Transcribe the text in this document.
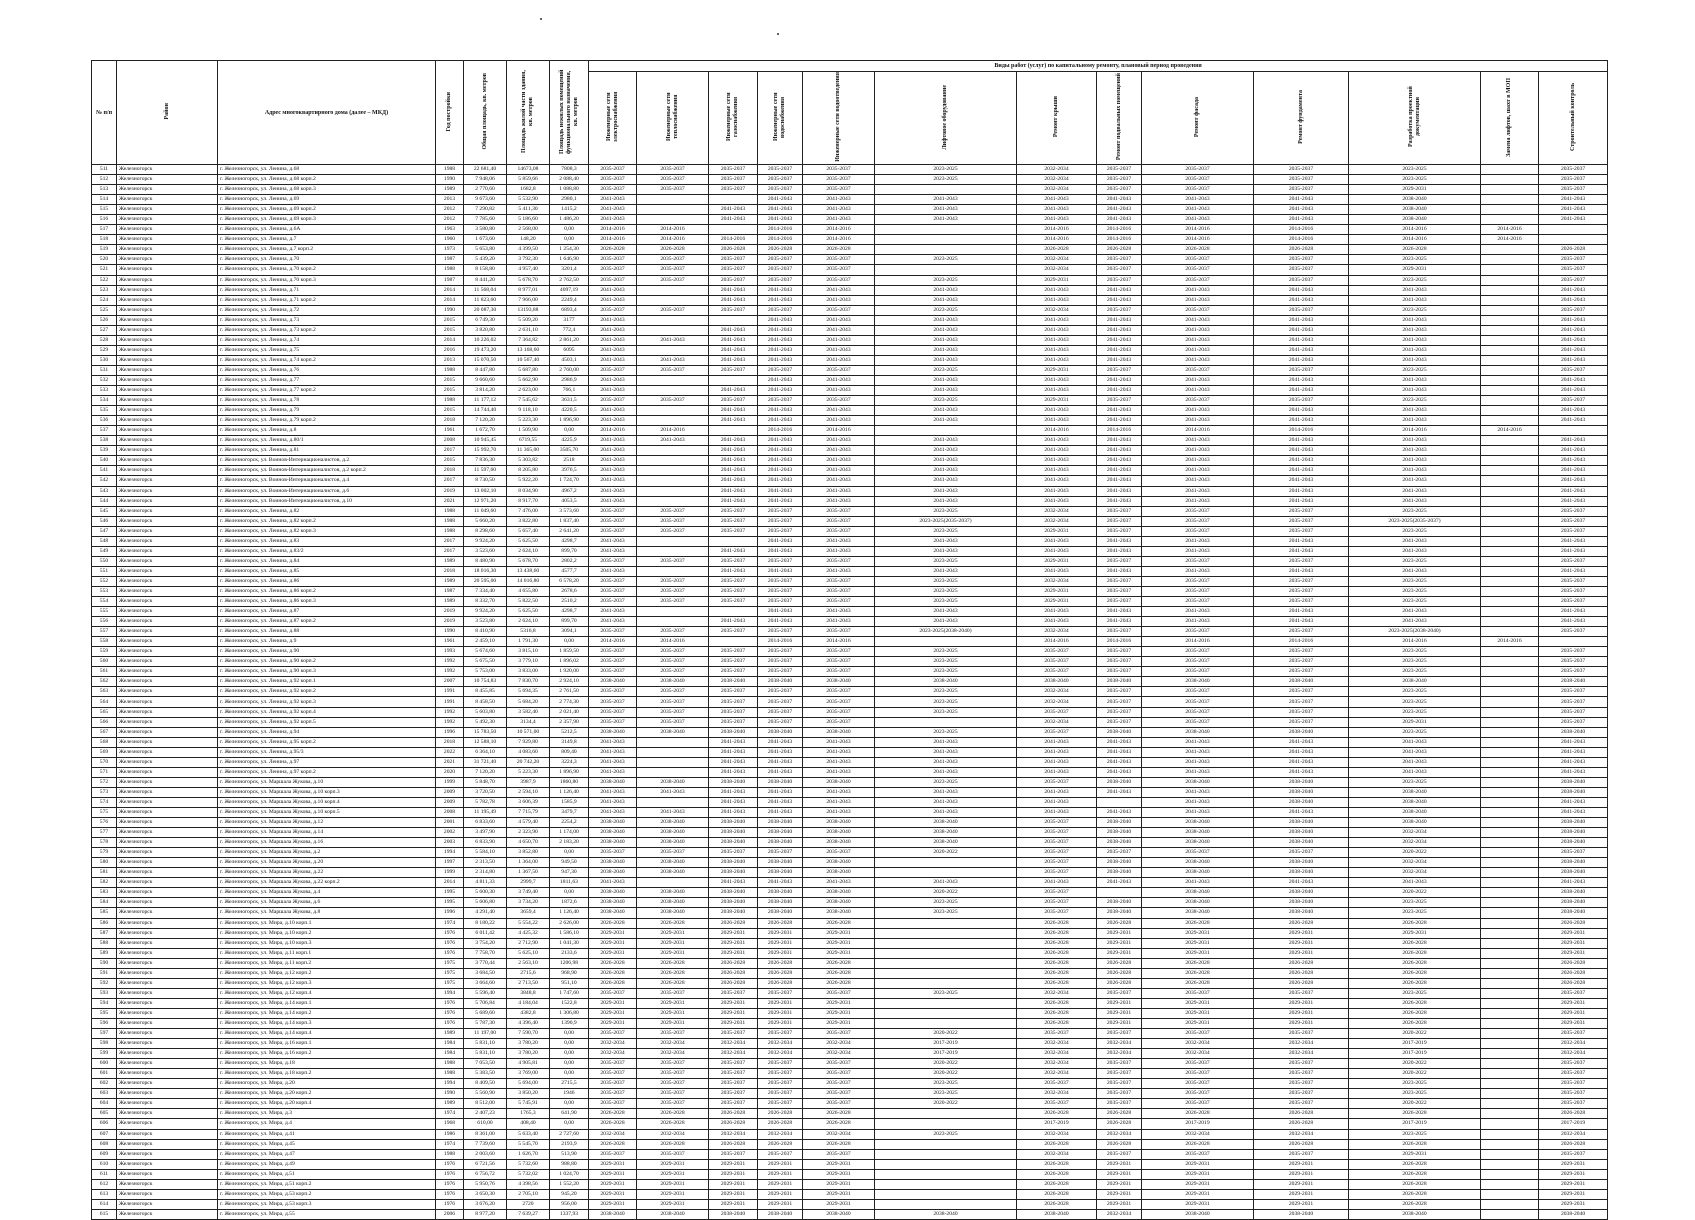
№ п/п	Район	Адрес многоквартирного дома (далее – МКД)	Год постройки	Общая площадь, кв. метров	Площадь жилой части здания, кв. метров	Площадь нежилых помещений функционального назначения, кв. метров	Виды работ (услуг) по капитальному ремонту, плановый период проведения												
							Инженерные сети электроснабжения	Инженерные сети теплоснабжения	Инженерные сети газоснабжения	Инженерные сети водоснабжения	Инженерные сети водоотведения	Лифтовое оборудование	Ремонт крыши	Ремонт подвальных помещений	Ремонт фасада	Ремонт фундамента	Разработка проектной документации	Замена лифтов, шахт в МОП	Строительный контроль
511	Железногорск	г. Железногорск, ул. Ленина, д.68	1988	22 681,40	14673,08	7808,3	2035-2037	2035-2037	2035-2037	2035-2037	2035-2037	2023-2025	2032-2034	2035-2037	2035-2037	2035-2037	2023-2025		2035-2037
512	Железногорск	г. Железногорск, ул. Ленина, д.68 корп.2	1990	7 948,06	5 859,66	2 088,40	2035-2037	2035-2037	2035-2037	2035-2037	2035-2037	2023-2025	2032-2034	2035-2037	2035-2037	2035-2037	2023-2025		2035-2037
513	Железногорск	г. Железногорск, ул. Ленина, д.68 корп.3	1989	2 770,60	1682,8	1 088,80	2035-2037	2035-2037	2035-2037	2035-2037	2035-2037		2032-2034	2035-2037	2035-2037	2035-2037	2029-2031		2035-2037
514	Железногорск	г. Железногорск, ул. Ленина, д.69	2013	9 673,60	5 532,90	2980,1	2041-2043			2041-2043	2041-2043	2041-2043	2041-2043	2041-2043	2041-2043	2041-2043	2038-2040		2041-2043
515	Железногорск	г. Железногорск, ул. Ленина, д.69 корп.2	2012	7 290,82	5 411,30	1415,2	2041-2043		2041-2043	2041-2043	2041-2043	2041-2043	2041-2043	2041-2043	2041-2043	2041-2043	2038-2040		2041-2043
516	Железногорск	г. Железногорск, ул. Ленина, д.69 корп.3	2012	7 785,60	5 186,60	1 486,20	2041-2043		2041-2043	2041-2043	2041-2043	2041-2043	2041-2043	2041-2043	2041-2043	2041-2043	2038-2040		2041-2043
517	Железногорск	г. Железногорск, ул. Ленина, д.6А	1963	3 580,80	2 568,00	0,00	2014-2016	2014-2016		2014-2016	2014-2016		2014-2016	2014-2016	2014-2016	2014-2016	2014-2016	2014-2016	
518	Железногорск	г. Железногорск, ул. Ленина, д.7	1960	1 673,60	148,20	0,00	2014-2016	2014-2016	2014-2016	2014-2016	2014-2016		2014-2016	2014-2016	2014-2016	2014-2016	2014-2016	2014-2016	
519	Железногорск	г. Железногорск, ул. Ленина, д.7 корп.2	1973	5 653,80	4 399,50	1 254,30	2026-2028	2026-2028	2026-2028	2026-2028	2026-2028		2026-2028	2026-2028	2026-2028	2026-2028	2026-2028		2026-2028
520	Железногорск	г. Железногорск, ул. Ленина, д.70	1987	5 439,20	3 792,30	1 646,90	2035-2037	2035-2037	2035-2037	2035-2037	2035-2037	2023-2025	2032-2034	2035-2037	2035-2037	2035-2037	2023-2025		2035-2037
521	Железногорск	г. Железногорск, ул. Ленина, д.70 корп.2	1988	8 158,80	4 957,40	3201,4	2035-2037	2035-2037	2035-2037	2035-2037	2035-2037		2032-2034	2035-2037	2035-2037	2035-2037	2029-2031		2035-2037
522	Железногорск	г. Железногорск, ул. Ленина, д.70 корп.3	1987	8 441,20	5 678,70	2 762,50	2035-2037	2035-2037	2035-2037	2035-2037	2035-2037	2023-2025	2029-2031	2035-2037	2035-2037	2035-2037	2023-2025		2035-2037
523	Железногорск	г. Железногорск, ул. Ленина, д.71	2014	11 568,04	8 977,01	4097,19	2041-2043		2041-2043	2041-2043	2041-2043	2041-2043	2041-2043	2041-2043	2041-2043	2041-2043	2041-2043		2041-2043
524	Железногорск	г. Железногорск, ул. Ленина, д.71 корп.2	2014	11 823,60	7 966,00	2249,4	2041-2043		2041-2043	2041-2043	2041-2043	2041-2043	2041-2043	2041-2043	2041-2043	2041-2043	2041-2043		2041-2043
525	Железногорск	г. Железногорск, ул. Ленина, д.72	1990	20 087,30	13193,88	6893,4	2035-2037	2035-2037	2035-2037	2035-2037	2035-2037	2023-2025	2032-2034	2035-2037	2035-2037	2035-2037	2023-2025		2035-2037
526	Железногорск	г. Железногорск, ул. Ленина, д.73	2015	6 749,30	5 509,20	3177	2041-2043			2041-2043	2041-2043	2041-2043	2041-2043	2041-2043	2041-2043	2041-2043	2041-2043		2041-2043
527	Железногорск	г. Железногорск, ул. Ленина, д.73 корп.2	2015	3 820,80	2 631,10	772,4	2041-2043		2041-2043	2041-2043	2041-2043	2041-2043	2041-2043	2041-2043	2041-2043	2041-2043	2041-2043		2041-2043
528	Железногорск	г. Железногорск, ул. Ленина, д.74	2014	10 226,02	7 364,82	2 861,20	2041-2043	2041-2043	2041-2043	2041-2043	2041-2043	2041-2043	2041-2043	2041-2043	2041-2043	2041-2043	2041-2043		2041-2043
529	Железногорск	г. Железногорск, ул. Ленина, д.75	2016	19 473,20	13 168,60	6095	2041-2043		2041-2043	2041-2043	2041-2043	2041-2043	2041-2043	2041-2043	2041-2043	2041-2043	2041-2043		2041-2043
530	Железногорск	г. Железногорск, ул. Ленина, д.74 корп.2	2013	15 070,50	10 567,40	4503,1	2041-2043	2041-2043	2041-2043	2041-2043	2041-2043	2041-2043	2041-2043	2041-2043	2041-2043	2041-2043	2041-2043		2041-2043
531	Железногорск	г. Железногорск, ул. Ленина, д.76	1988	8 447,80	5 687,80	2 760,00	2035-2037	2035-2037	2035-2037	2035-2037	2035-2037	2023-2025	2029-2031	2035-2037	2035-2037	2035-2037	2023-2025		2035-2037
532	Железногорск	г. Железногорск, ул. Ленина, д.77	2015	9 660,60	5 662,90	2986,9	2041-2043			2041-2043	2041-2043	2041-2043	2041-2043	2041-2043	2041-2043	2041-2043	2041-2043		2041-2043
533	Железногорск	г. Железногорск, ул. Ленина, д.77 корп.2	2015	3 814,20	2 623,00	766,1	2041-2043		2041-2043	2041-2043	2041-2043	2041-2043	2041-2043	2041-2043	2041-2043	2041-2043	2041-2043		2041-2043
534	Железногорск	г. Железногорск, ул. Ленина, д.78	1988	11 177,12	7 545,62	3631,5	2035-2037	2035-2037	2035-2037	2035-2037	2035-2037	2023-2025	2029-2031	2035-2037	2035-2037	2035-2037	2023-2025		2035-2037
535	Железногорск	г. Железногорск, ул. Ленина, д.79	2015	14 744,40	9 118,10	4220,5	2041-2043		2041-2043	2041-2043	2041-2043	2041-2043	2041-2043	2041-2043	2041-2043	2041-2043	2041-2043		2041-2043
536	Железногорск	г. Железногорск, ул. Ленина, д.79 корп.2	2018	7 120,20	5 223,30	1 896,90	2041-2043		2041-2043	2041-2043	2041-2043	2041-2043	2041-2043	2041-2043	2041-2043	2041-2043	2041-2043		2041-2043
537	Железногорск	г. Железногорск, ул. Ленина, д.8	1961	1 672,70	1 509,90	0,00	2014-2016	2014-2016		2014-2016	2014-2016		2014-2016	2014-2016	2014-2016	2014-2016	2014-2016	2014-2016	
538	Железногорск	г. Железногорск, ул. Ленина, д.80/1	2008	10 945,45	6719,55	4225,9	2041-2043	2041-2043	2041-2043	2041-2043	2041-2043	2041-2043	2041-2043	2041-2043	2041-2043	2041-2043	2041-2043		2041-2043
539	Железногорск	г. Железногорск, ул. Ленина, д.81	2017	15 992,70	11 365,00	3505,70	2041-2043		2041-2043	2041-2043	2041-2043	2041-2043	2041-2043	2041-2043	2041-2043	2041-2043	2041-2043		2041-2043
540	Железногорск	г. Железногорск, ул. Воинов-Интернационалистов, д.2	2015	7 836,30	5 303,82	2518	2041-2043		2041-2043	2041-2043	2041-2043	2041-2043	2041-2043	2041-2043	2041-2043	2041-2043	2041-2043		2041-2043
541	Железногорск	г. Железногорск, ул. Воинов-Интернационалистов, д.2 корп.2	2018	11 597,60	8 205,80	3976,5	2041-2043		2041-2043	2041-2043	2041-2043	2041-2043	2041-2043	2041-2043	2041-2043	2041-2043	2041-2043		2041-2043
542	Железногорск	г. Железногорск, ул. Воинов-Интернационалистов, д.4	2017	8 730,50	5 922,20	1 724,70	2041-2043		2041-2043	2041-2043	2041-2043	2041-2043	2041-2043	2041-2043	2041-2043	2041-2043	2041-2043		2041-2043
543	Железногорск	г. Железногорск, ул. Воинов-Интернационалистов, д.6	2019	13 002,10	8 034,90	4967,2	2041-2043		2041-2043	2041-2043	2041-2043	2041-2043	2041-2043	2041-2043	2041-2043	2041-2043	2041-2043		2041-2043
544	Железногорск	г. Железногорск, ул. Воинов-Интернационалистов, д.10	2021	12 971,20	8 917,70	4053,5	2041-2043		2041-2043	2041-2043	2041-2043	2041-2043	2041-2043	2041-2043	2041-2043	2041-2043	2041-2043		2041-2043
545	Железногорск	г. Железногорск, ул. Ленина, д.82	1988	11 049,60	7 476,00	3 573,60	2035-2037	2035-2037	2035-2037	2035-2037	2035-2037	2023-2025	2032-2034	2035-2037	2035-2037	2035-2037	2023-2025		2035-2037
546	Железногорск	г. Железногорск, ул. Ленина, д.82 корп.2	1988	5 660,20	3 822,80	1 837,40	2035-2037	2035-2037	2035-2037	2035-2037	2035-2037	2023-2025(2035-2037)	2032-2034	2035-2037	2035-2037	2035-2037	2023-2025(2035-2037)		2035-2037
547	Железногорск	г. Железногорск, ул. Ленина, д.82 корп.3	1988	8 298,60	5 657,40	2 641,20	2035-2037	2035-2037	2035-2037	2035-2037	2035-2037	2023-2025	2029-2031	2035-2037	2035-2037	2035-2037	2023-2025		2035-2037
548	Железногорск	г. Железногорск, ул. Ленина, д.83	2017	9 924,20	5 625,50	4298,7	2041-2043			2041-2043	2041-2043	2041-2043	2041-2043	2041-2043	2041-2043	2041-2043	2041-2043		2041-2043
549	Железногорск	г. Железногорск, ул. Ленина, д.83/2	2017	3 523,60	2 624,10	899,70	2041-2043		2041-2043	2041-2043	2041-2043	2041-2043	2041-2043	2041-2043	2041-2043	2041-2043	2041-2043		2041-2043
550	Железногорск	г. Железногорск, ул. Ленина, д.84	1989	8 480,90	5 678,70	2802,2	2035-2037	2035-2037	2035-2037	2035-2037	2035-2037	2023-2025	2029-2031	2035-2037	2035-2037	2035-2037	2023-2025		2035-2037
551	Железногорск	г. Железногорск, ул. Ленина, д.85	2018	18 016,30	13 438,60	4577,7	2041-2043		2041-2043	2041-2043	2041-2043	2041-2043	2041-2043	2041-2043	2041-2043	2041-2043	2041-2043		2041-2043
552	Железногорск	г. Железногорск, ул. Ленина, д.86	1989	20 595,00	14 016,80	6 578,20	2035-2037	2035-2037	2035-2037	2035-2037	2035-2037	2023-2025	2032-2034	2035-2037	2035-2037	2035-2037	2023-2025		2035-2037
553	Железногорск	г. Железногорск, ул. Ленина, д.86 корп.2	1987	7 334,40	4 655,80	2678,6	2035-2037	2035-2037	2035-2037	2035-2037	2035-2037	2023-2025	2029-2031	2035-2037	2035-2037	2035-2037	2023-2025		2035-2037
554	Железногорск	г. Железногорск, ул. Ленина, д.86 корп.3	1989	8 332,70	5 822,50	2510,2	2035-2037	2035-2037	2035-2037	2035-2037	2035-2037	2023-2025	2029-2031	2035-2037	2035-2037	2035-2037	2023-2025		2035-2037
555	Железногорск	г. Железногорск, ул. Ленина, д.87	2019	9 924,20	5 625,50	4298,7	2041-2043			2041-2043	2041-2043	2041-2043	2041-2043	2041-2043	2041-2043	2041-2043	2041-2043		2041-2043
556	Железногорск	г. Железногорск, ул. Ленина, д.87 корп.2	2019	3 523,80	2 624,10	899,70	2041-2043		2041-2043	2041-2043	2041-2043	2041-2043	2041-2043	2041-2043	2041-2043	2041-2043	2041-2043		2041-2043
557	Железногорск	г. Железногорск, ул. Ленина, д.88	1990	8 410,90	5316,8	3094,1	2035-2037	2035-2037	2035-2037	2035-2037	2035-2037	2023-2025(2038-2040)	2032-2034	2035-2037	2035-2037	2035-2037	2023-2025(2038-2040)		2035-2037
558	Железногорск	г. Железногорск, ул. Ленина, д.9	1961	2 459,10	1 791,30	0,00	2014-2016	2014-2016		2014-2016	2014-2016		2014-2016	2014-2016	2014-2016	2014-2016	2014-2016	2014-2016	
559	Железногорск	г. Железногорск, ул. Ленина, д.90	1993	5 674,60	3 815,10	1 859,50	2035-2037	2035-2037	2035-2037	2035-2037	2035-2037	2023-2025	2035-2037	2035-2037	2035-2037	2035-2037	2023-2025		2035-2037
560	Железногорск	г. Железногорск, ул. Ленина, д.90 корп.2	1992	5 675,50	3 779,10	1 896,02	2035-2037	2035-2037	2035-2037	2035-2037	2035-2037	2023-2025	2035-2037	2035-2037	2035-2037	2035-2037	2023-2025		2035-2037
561	Железногорск	г. Железногорск, ул. Ленина, д.90 корп.3	1992	5 753,00	3 833,00	1 920,00	2035-2037	2035-2037	2035-2037	2035-2037	2035-2037	2023-2025	2035-2037	2035-2037	2035-2037	2035-2037	2023-2025		2035-2037
562	Железногорск	г. Железногорск, ул. Ленина, д.92 корп.1	2007	10 754,83	7 830,70	2 924,10	2038-2040	2038-2040	2038-2040	2038-2040	2038-2040	2038-2040	2038-2040	2038-2040	2038-2040	2038-2040	2038-2040		2038-2040
563	Железногорск	г. Железногорск, ул. Ленина, д.92 корп.2	1991	8 455,85	5 694,35	2 761,50	2035-2037	2035-2037	2035-2037	2035-2037	2035-2037	2023-2025	2032-2034	2035-2037	2035-2037	2035-2037	2023-2025		2035-2037
564	Железногорск	г. Железногорск, ул. Ленина, д.92 корп.3	1991	8 458,50	5 684,20	2 774,30	2035-2037	2035-2037	2035-2037	2035-2037	2035-2037	2023-2025	2032-2034	2035-2037	2035-2037	2035-2037	2023-2025		2035-2037
565	Железногорск	г. Железногорск, ул. Ленина, д.92 корп.4	1992	5 603,80	3 582,40	2 021,40	2035-2037	2035-2037	2035-2037	2035-2037	2035-2037	2023-2025	2035-2037	2035-2037	2035-2037	2035-2037	2023-2025		2035-2037
566	Железногорск	г. Железногорск, ул. Ленина, д.92 корп.5	1992	5 492,30	3134,4	2 357,90	2035-2037	2035-2037	2035-2037	2035-2037	2035-2037		2032-2034	2035-2037	2035-2037	2035-2037	2029-2031		2035-2037
567	Железногорск	г. Железногорск, ул. Ленина, д.94	1996	15 783,50	10 571,00	5212,5	2038-2040	2038-2040	2038-2040	2038-2040	2038-2040	2023-2025	2035-2037	2038-2040	2038-2040	2038-2040	2023-2025		2038-2040
568	Железногорск	г. Железногорск, ул. Ленина, д.95 корп.2	2018	12 588,10	7 929,80	3149,8	2041-2043		2041-2043	2041-2043	2041-2043	2041-2043	2041-2043	2041-2043	2041-2043	2041-2043	2041-2043		2041-2043
569	Железногорск	г. Железногорск, ул. Ленина, д.95/3	2022	6 364,10	4 083,60	809,40	2041-2043		2041-2043	2041-2043	2041-2043	2041-2043	2041-2043	2041-2043	2041-2043	2041-2043	2041-2043		2041-2043
570	Железногорск	г. Железногорск, ул. Ленина, д.97	2021	31 721,40	20 742,20	3224,3	2041-2043		2041-2043	2041-2043	2041-2043	2041-2043	2041-2043	2041-2043	2041-2043	2041-2043	2041-2043		2041-2043
571	Железногорск	г. Железногорск, ул. Ленина, д.97 корп.2	2020	7 120,20	5 223,30	1 896,90	2041-2043		2041-2043	2041-2043	2041-2043	2041-2043	2041-2043	2041-2043	2041-2043	2041-2043	2041-2043		2041-2043
572	Железногорск	г. Железногорск, ул. Маршала Жукова, д.10	1999	5 848,70	3987,9	1860,80	2038-2040	2038-2040	2038-2040	2038-2040	2038-2040	2023-2025	2035-2037	2038-2040	2038-2040	2038-2040	2023-2025		2038-2040
573	Железногорск	г. Железногорск, ул. Маршала Жукова, д.10 корп.3	2009	3 720,50	2 594,10	1 126,40	2041-2043	2041-2043	2041-2043	2041-2043	2041-2043	2041-2043	2041-2043	2041-2043	2041-2043	2038-2040	2038-2040		2038-2040
574	Железногорск	г. Железногорск, ул. Маршала Жукова, д.10 корп.4	2009	5 782,78	3 606,39	1585,9	2041-2043		2041-2043	2041-2043	2041-2043	2041-2043	2041-2043		2041-2043	2038-2040	2038-2040		2041-2043
575	Железногорск	г. Железногорск, ул. Маршала Жукова, д.10 корп.5	2008	11 195,49	7 715,79	3479,7	2041-2043	2041-2043	2041-2043	2041-2043	2041-2043	2041-2043	2041-2043	2041-2043	2041-2043	2041-2043	2038-2040		2041-2043
576	Железногорск	г. Железногорск, ул. Маршала Жукова, д.12	2001	6 833,60	4 579,40	2254,2	2038-2040	2038-2040	2038-2040	2038-2040	2038-2040	2038-2040	2035-2037	2038-2040	2038-2040	2038-2040	2038-2040		2038-2040
577	Железногорск	г. Железногорск, ул. Маршала Жукова, д.14	2002	3 497,90	2 323,90	1 174,00	2038-2040	2038-2040	2038-2040	2038-2040	2038-2040	2038-2040	2035-2037	2038-2040	2038-2040	2038-2040	2032-2034		2038-2040
578	Железногорск	г. Железногорск, ул. Маршала Жукова, д.16	2003	6 833,90	4 650,70	2 183,20	2038-2040	2038-2040	2038-2040	2038-2040	2038-2040	2038-2040	2035-2037	2038-2040	2038-2040	2038-2040	2032-2034		2038-2040
579	Железногорск	г. Железногорск, ул. Маршала Жукова, д.2	1994	5 584,10	3 852,80	0,00	2035-2037	2035-2037	2035-2037	2035-2037	2035-2037	2020-2022	2035-2037	2035-2037	2035-2037	2035-2037	2020-2022		2035-2037
580	Железногорск	г. Железногорск, ул. Маршала Жукова, д.20	1997	2 313,50	1 364,00	949,50	2038-2040	2038-2040	2038-2040	2038-2040	2038-2040		2035-2037	2038-2040	2038-2040	2038-2040	2032-2034		2038-2040
581	Железногорск	г. Железногорск, ул. Маршала Жукова, д.22	1999	2 314,80	1 367,50	947,30	2038-2040	2038-2040	2038-2040	2038-2040	2038-2040		2035-2037	2038-2040	2038-2040	2038-2040	2032-2034		2038-2040
582	Железногорск	г. Железногорск, ул. Маршала Жукова, д.22 корп.2	2014	4 811,33	2999,7	1811,63	2041-2043		2041-2043	2041-2043	2041-2043	2041-2043	2041-2043	2041-2043	2041-2043	2041-2043	2041-2043		2041-2043
583	Железногорск	г. Железногорск, ул. Маршала Жукова, д.4	1995	5 600,30	3 749,40	0,00	2038-2040	2038-2040	2038-2040	2038-2040	2038-2040	2020-2022	2035-2037		2038-2040	2038-2040	2020-2022		2038-2040
584	Железногорск	г. Железногорск, ул. Маршала Жукова, д.6	1995	5 606,80	3 734,20	1872,6	2038-2040	2038-2040	2038-2040	2038-2040	2038-2040	2023-2025	2035-2037	2038-2040	2038-2040	2038-2040	2023-2025		2038-2040
585	Железногорск	г. Железногорск, ул. Маршала Жукова, д.8	1996	4 291,40	3659,4	1 126,40	2038-2040	2038-2040	2038-2040	2038-2040	2038-2040	2023-2025	2035-2037	2038-2040	2038-2040	2038-2040	2023-2025		2038-2040
586	Железногорск	г. Железногорск, ул. Мира, д.10 корп.1	1974	8 180,22	5 554,22	2 626,00	2026-2028	2026-2028	2026-2028	2026-2028	2026-2028		2026-2028	2026-2028	2026-2028	2026-2028	2026-2028		2026-2028
587	Железногорск	г. Железногорск, ул. Мира, д.10 корп.2	1976	6 011,42	4 425,32	1 586,10	2029-2031	2029-2031	2029-2031	2029-2031	2029-2031		2026-2028	2029-2031	2029-2031	2029-2031	2029-2031		2029-2031
588	Железногорск	г. Железногорск, ул. Мира, д.10 корп.3	1976	3 754,20	2 712,90	1 041,30	2029-2031	2029-2031	2029-2031	2029-2031	2029-2031		2026-2028	2029-2031	2029-2031	2029-2031	2026-2028		2029-2031
589	Железногорск	г. Железногорск, ул. Мира, д.11 корп.1	1976	7 758,70	5 625,10	2133,6	2029-2031	2029-2031	2029-2031	2029-2031	2029-2031		2026-2028	2029-2031	2029-2031	2029-2031	2026-2028		2029-2031
590	Железногорск	г. Железногорск, ул. Мира, д.11 корп.2	1975	3 770,44	2 563,10	1206,98	2026-2028	2026-2028	2026-2028	2026-2028	2026-2028		2026-2028	2026-2028	2026-2028	2026-2028	2026-2028		2026-2028
591	Железногорск	г. Железногорск, ул. Мира, д.12 корп.2	1975	3 684,50	2715,6	968,90	2026-2028	2026-2028	2026-2028	2026-2028	2026-2028		2026-2028	2026-2028	2026-2028	2026-2028	2026-2028		2026-2028
592	Железногорск	г. Железногорск, ул. Мира, д.12 корп.3	1975	3 664,60	2 713,50	951,10	2026-2028	2026-2028	2026-2028	2026-2028	2026-2028		2026-2028	2026-2028	2026-2028	2026-2028	2026-2028		2026-2028
593	Железногорск	г. Железногорск, ул. Мира, д.12 корп.4	1994	5 596,40	3848,8	1 747,60	2035-2037	2035-2037	2035-2037	2035-2037	2035-2037	2023-2025	2032-2034	2035-2037	2035-2037	2035-2037	2023-2025		2035-2037
594	Железногорск	г. Железногорск, ул. Мира, д.14 корп.1	1976	5 706,84	4 184,04	1522,8	2029-2031	2029-2031	2029-2031	2029-2031	2029-2031		2026-2028	2029-2031	2029-2031	2029-2031	2026-2028		2029-2031
595	Железногорск	г. Железногорск, ул. Мира, д.14 корп.2	1976	5 689,60	4382,8	1 306,80	2029-2031	2029-2031	2029-2031	2029-2031	2029-2031		2026-2028	2029-2031	2029-2031	2029-2031	2026-2028		2029-2031
596	Железногорск	г. Железногорск, ул. Мира, д.14 корп.3	1976	5 787,30	4 396,40	1390,9	2029-2031	2029-2031	2029-2031	2029-2031	2029-2031		2026-2028	2029-2031	2029-2031	2029-2031	2026-2028		2029-2031
597	Железногорск	г. Железногорск, ул. Мира, д.14 корп.4	1989	11 197,00	7 590,70	0,00	2035-2037	2035-2037	2035-2037	2035-2037	2035-2037	2020-2022	2035-2037	2035-2037	2035-2037	2035-2037	2020-2022		2035-2037
598	Железногорск	г. Железногорск, ул. Мира, д.16 корп.1	1984	5 831,10	3 780,20	0,00	2032-2034	2032-2034	2032-2034	2032-2034	2032-2034	2017-2019	2032-2034	2032-2034	2032-2034	2032-2034	2017-2019		2032-2034
599	Железногорск	г. Железногорск, ул. Мира, д.16 корп.2	1984	5 831,10	3 780,20	0,00	2032-2034	2032-2034	2032-2034	2032-2034	2032-2034	2017-2019	2032-2034	2032-2034	2032-2034	2032-2034	2017-2019		2032-2034
600	Железногорск	г. Железногорск, ул. Мира, д.18	1988	7 053,50	4 905,81	0,00	2035-2037	2035-2037	2035-2037	2035-2037	2035-2037	2020-2022	2032-2034	2035-2037	2035-2037	2035-2037	2020-2022		2035-2037
601	Железногорск	г. Железногорск, ул. Мира, д.18 корп.2	1988	5 383,50	3 769,00	0,00	2035-2037	2035-2037	2035-2037	2035-2037	2035-2037	2020-2022	2032-2034	2035-2037	2035-2037	2035-2037	2020-2022		2035-2037
602	Железногорск	г. Железногорск, ул. Мира, д.20	1994	8 409,50	5 694,00	2715,5	2035-2037	2035-2037	2035-2037	2035-2037	2035-2037	2023-2025	2035-2037	2035-2037	2035-2037	2035-2037	2023-2025		2035-2037
603	Железногорск	г. Железногорск, ул. Мира, д.20 корп.2	1990	5 560,90	3 850,20	1946	2035-2037	2035-2037	2035-2037	2035-2037	2035-2037	2023-2025	2032-2034	2035-2037	2035-2037	2035-2037	2023-2025		2035-2037
604	Железногорск	г. Железногорск, ул. Мира, д.20 корп.4	1989	8 512,00	5 745,91	0,00	2035-2037	2035-2037	2035-2037	2035-2037	2035-2037	2020-2022	2035-2037	2035-2037	2035-2037	2035-2037	2020-2022		2035-2037
605	Железногорск	г. Железногорск, ул. Мира, д.3	1974	2 407,23	1765,3	641,90	2026-2028	2026-2028	2026-2028	2026-2028	2026-2028		2026-2028	2026-2028	2026-2028	2026-2028	2026-2028		2026-2028
606	Железногорск	г. Железногорск, ул. Мира, д.4	1968	610,00	408,40	0,00	2026-2028	2026-2028	2026-2028	2026-2028	2026-2028		2017-2019	2026-2028	2017-2019	2026-2028	2017-2019		2017-2019
607	Железногорск	г. Железногорск, ул. Мира, д.41	1986	8 361,00	5 633,40	2 727,60	2032-2034	2032-2034	2032-2034	2032-2034	2032-2034	2023-2025	2032-2034	2032-2034	2032-2034	2032-2034	2023-2025		2032-2034
608	Железногорск	г. Железногорск, ул. Мира, д.45	1974	7 739,60	5 545,70	2193,9	2026-2028	2026-2028	2026-2028	2026-2028	2026-2028		2026-2028	2026-2028	2026-2028	2026-2028	2026-2028		2026-2028
609	Железногорск	г. Железногорск, ул. Мира, д.47	1988	2 003,60	1 626,70	513,90	2035-2037	2035-2037	2035-2037	2035-2037	2035-2037		2032-2034	2035-2037	2035-2037	2035-2037	2029-2031		2035-2037
610	Железногорск	г. Железногорск, ул. Мира, д.49	1976	6 721,56	5 732,60	988,80	2029-2031	2029-2031	2029-2031	2029-2031	2029-2031		2026-2028	2029-2031	2029-2031	2029-2031	2026-2028		2029-2031
611	Железногорск	г. Железногорск, ул. Мира, д.51	1976	6 756,72	5 732,02	1 024,70	2029-2031	2029-2031	2029-2031	2029-2031	2029-2031		2026-2028	2029-2031	2029-2031	2029-2031	2026-2028		2029-2031
612	Железногорск	г. Железногорск, ул. Мира, д.51 корп.2	1976	5 950,76	4 398,56	1 552,20	2029-2031	2029-2031	2029-2031	2029-2031	2029-2031		2026-2028	2029-2031	2029-2031	2029-2031	2026-2028		2029-2031
613	Железногорск	г. Железногорск, ул. Мира, д.53 корп.2	1976	3 650,30	2 705,10	945,20	2029-2031	2029-2031	2029-2031	2029-2031	2029-2031		2026-2028	2029-2031	2029-2031	2029-2031	2026-2028		2029-2031
614	Железногорск	г. Железногорск, ул. Мира, д.53 корп.3	1976	3 676,20	2720	956,00	2029-2031	2029-2031	2029-2031	2029-2031	2029-2031		2026-2028	2029-2031	2029-2031	2029-2031	2026-2028		2029-2031
615	Железногорск	г. Железногорск, ул. Мира, д.55	2006	8 977,20	7 639,27	1337,93	2038-2040	2038-2040	2038-2040	2038-2040	2038-2040	2038-2040	2038-2040	2032-2034	2038-2040	2038-2040	2038-2040		2038-2040
